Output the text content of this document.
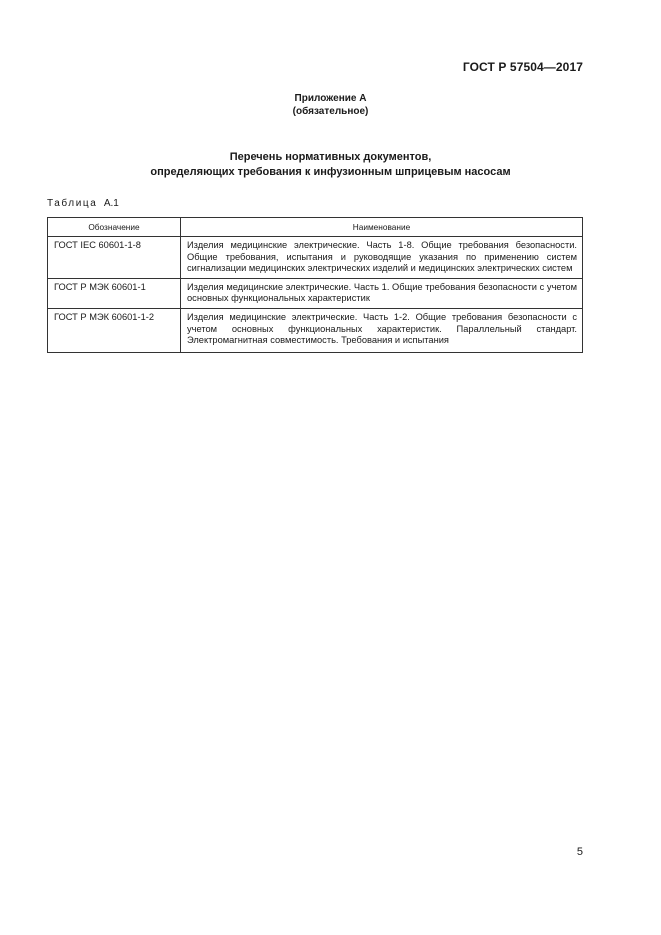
ГОСТ Р 57504—2017
Приложение А
(обязательное)
Перечень нормативных документов,
определяющих требования к инфузионным шприцевым насосам
Таблица А.1
Обозначение	Наименование
ГОСТ IEC 60601-1-8	Изделия медицинские электрические. Часть 1-8. Общие требования безопасности. Общие требования, испытания и руководящие указания по применению систем сигнализации медицинских электрических изделий и медицинских электрических систем
ГОСТ Р МЭК 60601-1	Изделия медицинские электрические. Часть 1. Общие требования безопасности с учетом основных функциональных характеристик
ГОСТ Р МЭК 60601-1-2	Изделия медицинские электрические. Часть 1-2. Общие требования безопасности с учетом основных функциональных характеристик. Параллельный стандарт. Электромагнитная совместимость. Требования и испытания
5
